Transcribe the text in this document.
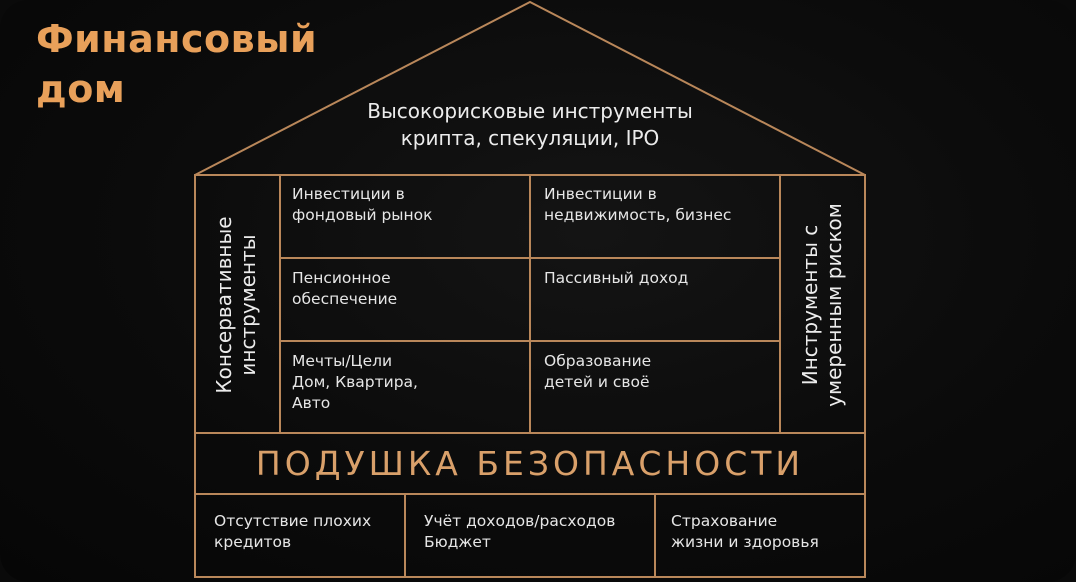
Финансовый
дом	Высокорисковые инструменты
крипта, спекуляции, IPO
Консервативные
инструменты	Инструменты с
умеренным риском
Инвестиции в
фондовый рынок
Инвестиции в
недвижимость, бизнес
Пенсионное
обеспечение
Пассивный доход
Мечты/Цели
Дом, Квартира,
Авто
Образование
детей и своё
ПОДУШКА БЕЗОПАСНОСТИ
Отсутствие плохих
кредитов
Учёт доходов/расходов
Бюджет
Страхование
жизни и здоровья
